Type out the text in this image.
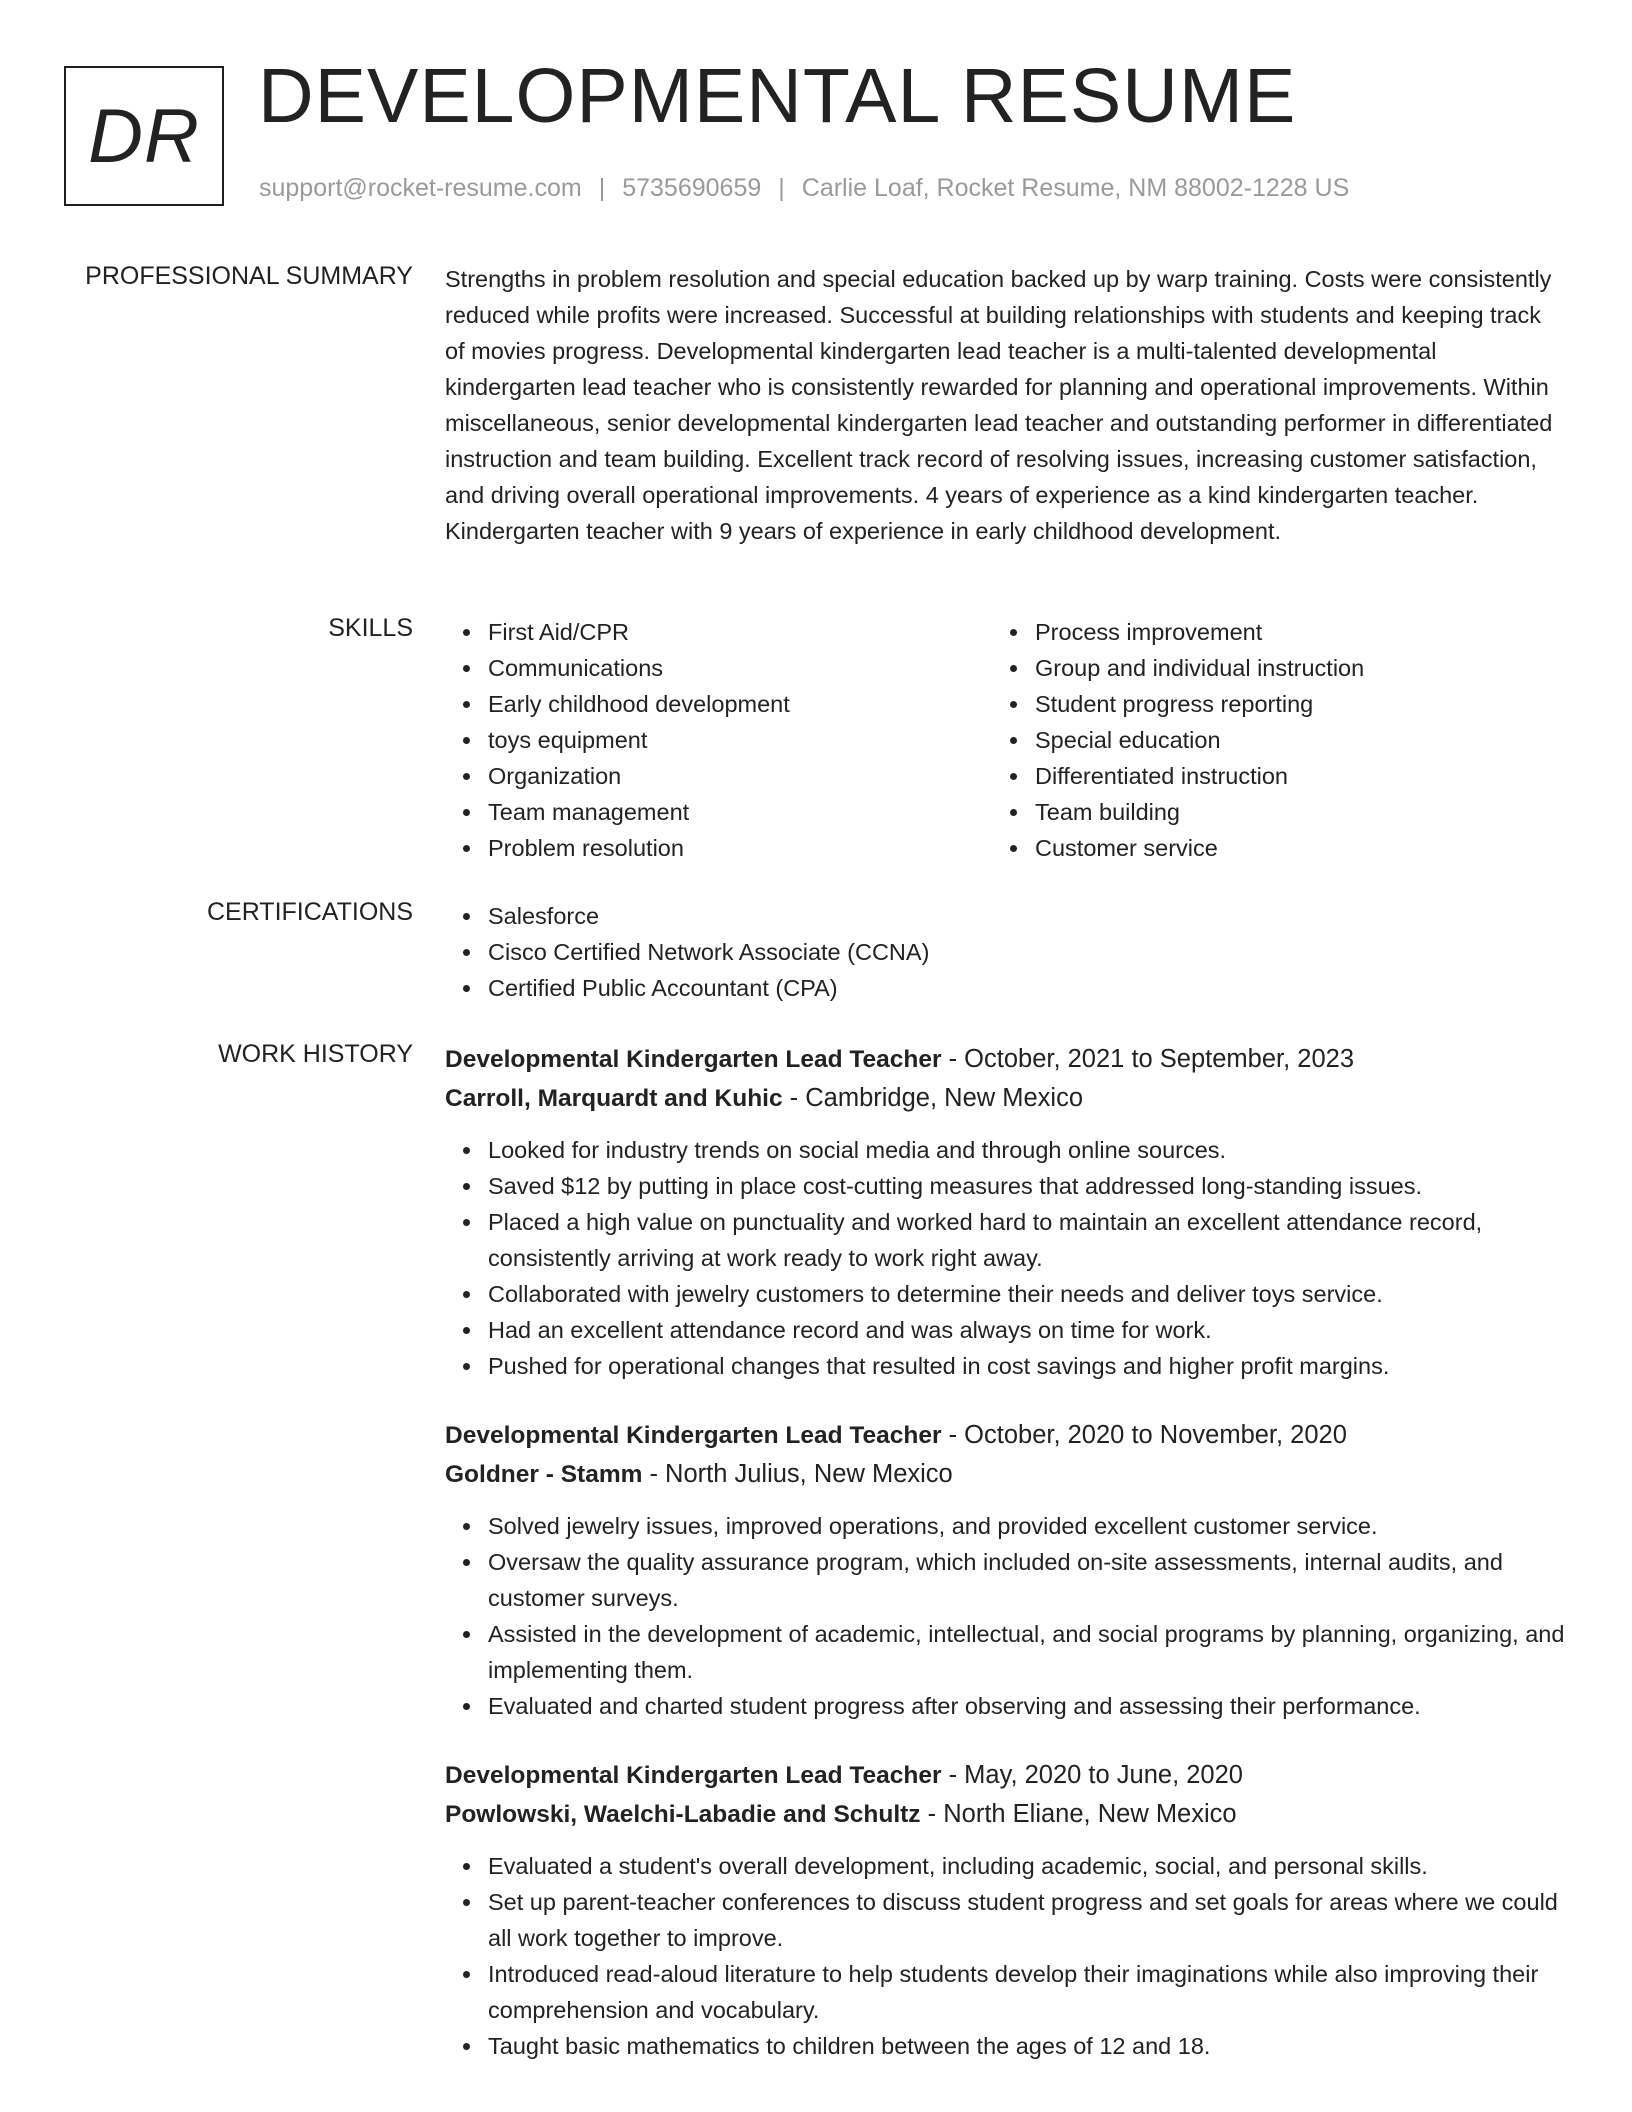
DR DEVELOPMENTAL RESUME
support@rocket-resume.com | 5735690659 | Carlie Loaf, Rocket Resume, NM 88002-1228 US
PROFESSIONAL SUMMARY Strengths in problem resolution and special education backed up by warp training. Costs were consistently reduced while profits were increased. Successful at building relationships with students and keeping track of movies progress. Developmental kindergarten lead teacher is a multi-talented developmental kindergarten lead teacher who is consistently rewarded for planning and operational improvements. Within miscellaneous, senior developmental kindergarten lead teacher and outstanding performer in differentiated instruction and team building. Excellent track record of resolving issues, increasing customer satisfaction, and driving overall operational improvements. 4 years of experience as a kind kindergarten teacher. Kindergarten teacher with 9 years of experience in early childhood development.

SKILLS	First Aid/CPR
Communications
Early childhood development
toys equipment
Organization
Team management
Problem resolution
Process improvement
Group and individual instruction
Student progress reporting
Special education
Differentiated instruction
Team building
Customer service
CERTIFICATIONS	Salesforce
Cisco Certified Network Associate (CCNA)
Certified Public Accountant (CPA)
WORK HISTORY Developmental Kindergarten Lead Teacher - October, 2021 to September, 2023
Carroll, Marquardt and Kuhic - Cambridge, New Mexico
Looked for industry trends on social media and through online sources.
Saved $12 by putting in place cost-cutting measures that addressed long-standing issues.
Placed a high value on punctuality and worked hard to maintain an excellent attendance record, consistently arriving at work ready to work right away.
Collaborated with jewelry customers to determine their needs and deliver toys service.
Had an excellent attendance record and was always on time for work.
Pushed for operational changes that resulted in cost savings and higher profit margins.
Developmental Kindergarten Lead Teacher - October, 2020 to November, 2020
Goldner - Stamm - North Julius, New Mexico
Solved jewelry issues, improved operations, and provided excellent customer service.
Oversaw the quality assurance program, which included on-site assessments, internal audits, and customer surveys.
Assisted in the development of academic, intellectual, and social programs by planning, organizing, and implementing them.
Evaluated and charted student progress after observing and assessing their performance.
Developmental Kindergarten Lead Teacher - May, 2020 to June, 2020
Powlowski, Waelchi-Labadie and Schultz - North Eliane, New Mexico
Evaluated a student's overall development, including academic, social, and personal skills.
Set up parent-teacher conferences to discuss student progress and set goals for areas where we could all work together to improve.
Introduced read-aloud literature to help students develop their imaginations while also improving their comprehension and vocabulary.
Taught basic mathematics to children between the ages of 12 and 18.
